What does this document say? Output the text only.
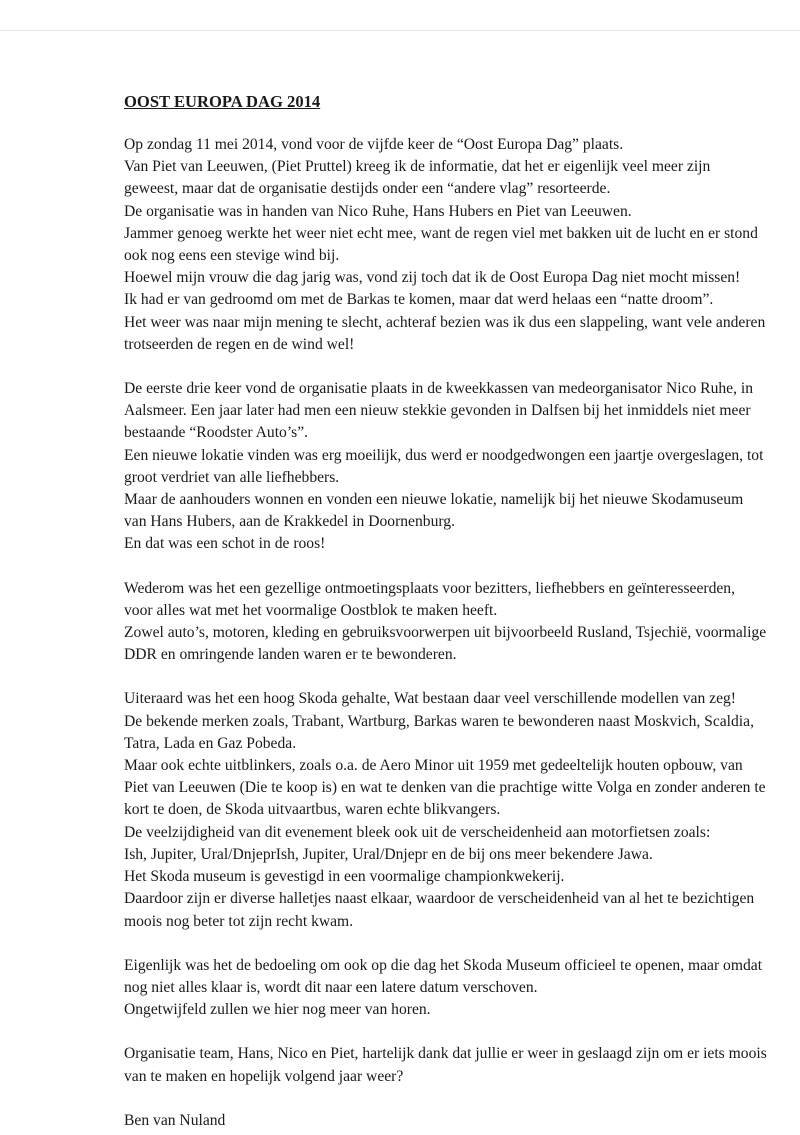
OOST EUROPA DAG 2014
Op zondag 11 mei 2014, vond voor de vijfde keer de “Oost Europa Dag” plaats.
Van Piet van Leeuwen, (Piet Pruttel) kreeg ik de informatie, dat het er eigenlijk veel meer zijn
geweest, maar dat de organisatie destijds onder een “andere vlag” resorteerde.
De organisatie was in handen van Nico Ruhe, Hans Hubers en Piet van Leeuwen.
Jammer genoeg werkte het weer niet echt mee, want de regen viel met bakken uit de lucht en er stond
ook nog eens een stevige wind bij.
Hoewel mijn vrouw die dag jarig was, vond zij toch dat ik de Oost Europa Dag niet mocht missen!
Ik had er van gedroomd om met de Barkas te komen, maar dat werd helaas een “natte droom”.
Het weer was naar mijn mening te slecht, achteraf bezien was ik dus een slappeling, want vele anderen
trotseerden de regen en de wind wel!
De eerste drie keer vond de organisatie plaats in de kweekkassen van medeorganisator Nico Ruhe, in
Aalsmeer. Een jaar later had men een nieuw stekkie gevonden in Dalfsen bij het inmiddels niet meer
bestaande “Roodster Auto’s”.
Een nieuwe lokatie vinden was erg moeilijk, dus werd er noodgedwongen een jaartje overgeslagen, tot
groot verdriet van alle liefhebbers.
Maar de aanhouders wonnen en vonden een nieuwe lokatie, namelijk bij het nieuwe Skodamuseum
van Hans Hubers, aan de Krakkedel in Doornenburg.
En dat was een schot in de roos!
Wederom was het een gezellige ontmoetingsplaats voor bezitters, liefhebbers en geïnteresseerden,
voor alles wat met het voormalige Oostblok te maken heeft.
Zowel auto’s, motoren, kleding en gebruiksvoorwerpen uit bijvoorbeeld Rusland, Tsjechië, voormalige
DDR en omringende landen waren er te bewonderen.
Uiteraard was het een hoog Skoda gehalte, Wat bestaan daar veel verschillende modellen van zeg!
De bekende merken zoals, Trabant, Wartburg, Barkas waren te bewonderen naast Moskvich, Scaldia,
Tatra, Lada en Gaz Pobeda.
Maar ook echte uitblinkers, zoals o.a. de Aero Minor uit 1959 met gedeeltelijk houten opbouw, van
Piet van Leeuwen (Die te koop is) en wat te denken van die prachtige witte Volga en zonder anderen te
kort te doen, de Skoda uitvaartbus, waren echte blikvangers.
De veelzijdigheid van dit evenement bleek ook uit de verscheidenheid aan motorfietsen zoals:
Ish, Jupiter, Ural/DnjeprIsh, Jupiter, Ural/Dnjepr en de bij ons meer bekendere Jawa.
Het Skoda museum is gevestigd in een voormalige championkwekerij.
Daardoor zijn er diverse halletjes naast elkaar, waardoor de verscheidenheid van al het te bezichtigen
moois nog beter tot zijn recht kwam.
Eigenlijk was het de bedoeling om ook op die dag het Skoda Museum officieel te openen, maar omdat
nog niet alles klaar is, wordt dit naar een latere datum verschoven.
Ongetwijfeld zullen we hier nog meer van horen.
Organisatie team, Hans, Nico en Piet, hartelijk dank dat jullie er weer in geslaagd zijn om er iets moois
van te maken en hopelijk volgend jaar weer?
Ben van Nuland
